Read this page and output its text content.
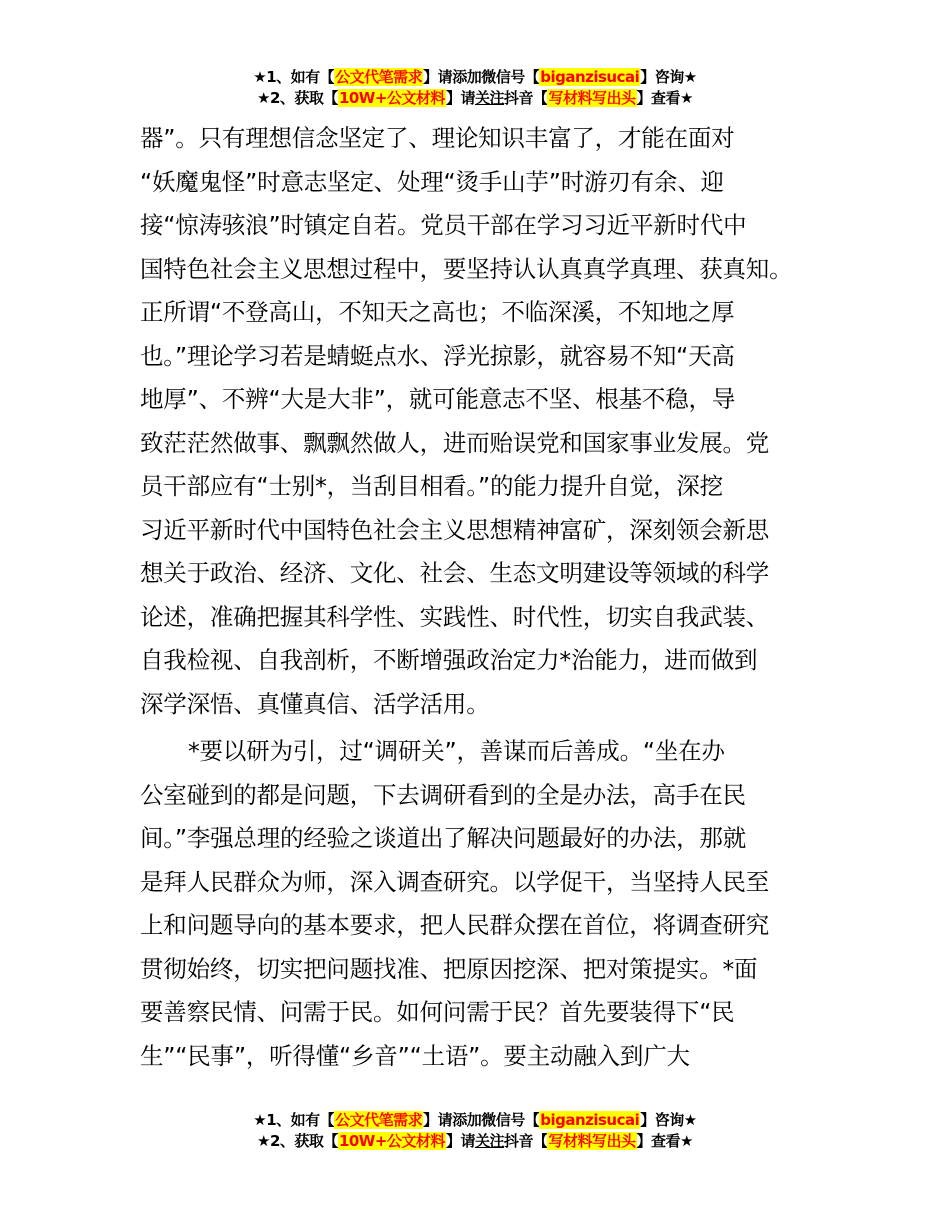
★1、如有【公文代笔需求】请添加微信号【biganzisucai】咨询★
★2、获取【10W+公文材料】请关注抖音【写材料写出头】查看★
器”。只有理想信念坚定了、理论知识丰富了，才能在面对
“妖魔鬼怪”时意志坚定、处理“烫手山芋”时游刃有余、迎
接“惊涛骇浪”时镇定自若。党员干部在学习习近平新时代中
国特色社会主义思想过程中，要坚持认认真真学真理、获真知。
正所谓“不登高山，不知天之高也；不临深溪，不知地之厚
也。”理论学习若是蜻蜓点水、浮光掠影，就容易不知“天高
地厚”、不辨“大是大非”，就可能意志不坚、根基不稳，导
致茫茫然做事、飘飘然做人，进而贻误党和国家事业发展。党
员干部应有“士别*，当刮目相看。”的能力提升自觉，深挖
习近平新时代中国特色社会主义思想精神富矿，深刻领会新思
想关于政治、经济、文化、社会、生态文明建设等领域的科学
论述，准确把握其科学性、实践性、时代性，切实自我武装、
自我检视、自我剖析，不断增强政治定力*治能力，进而做到
深学深悟、真懂真信、活学活用。
*要以研为引，过“调研关”，善谋而后善成。“坐在办
公室碰到的都是问题，下去调研看到的全是办法，高手在民
间。”李强总理的经验之谈道出了解决问题最好的办法，那就
是拜人民群众为师，深入调查研究。以学促干，当坚持人民至
上和问题导向的基本要求，把人民群众摆在首位，将调查研究
贯彻始终，切实把问题找准、把原因挖深、把对策提实。*面
要善察民情、问需于民。如何问需于民？首先要装得下“民
生”“民事”，听得懂“乡音”“土语”。要主动融入到广大
★1、如有【公文代笔需求】请添加微信号【biganzisucai】咨询★
★2、获取【10W+公文材料】请关注抖音【写材料写出头】查看★
